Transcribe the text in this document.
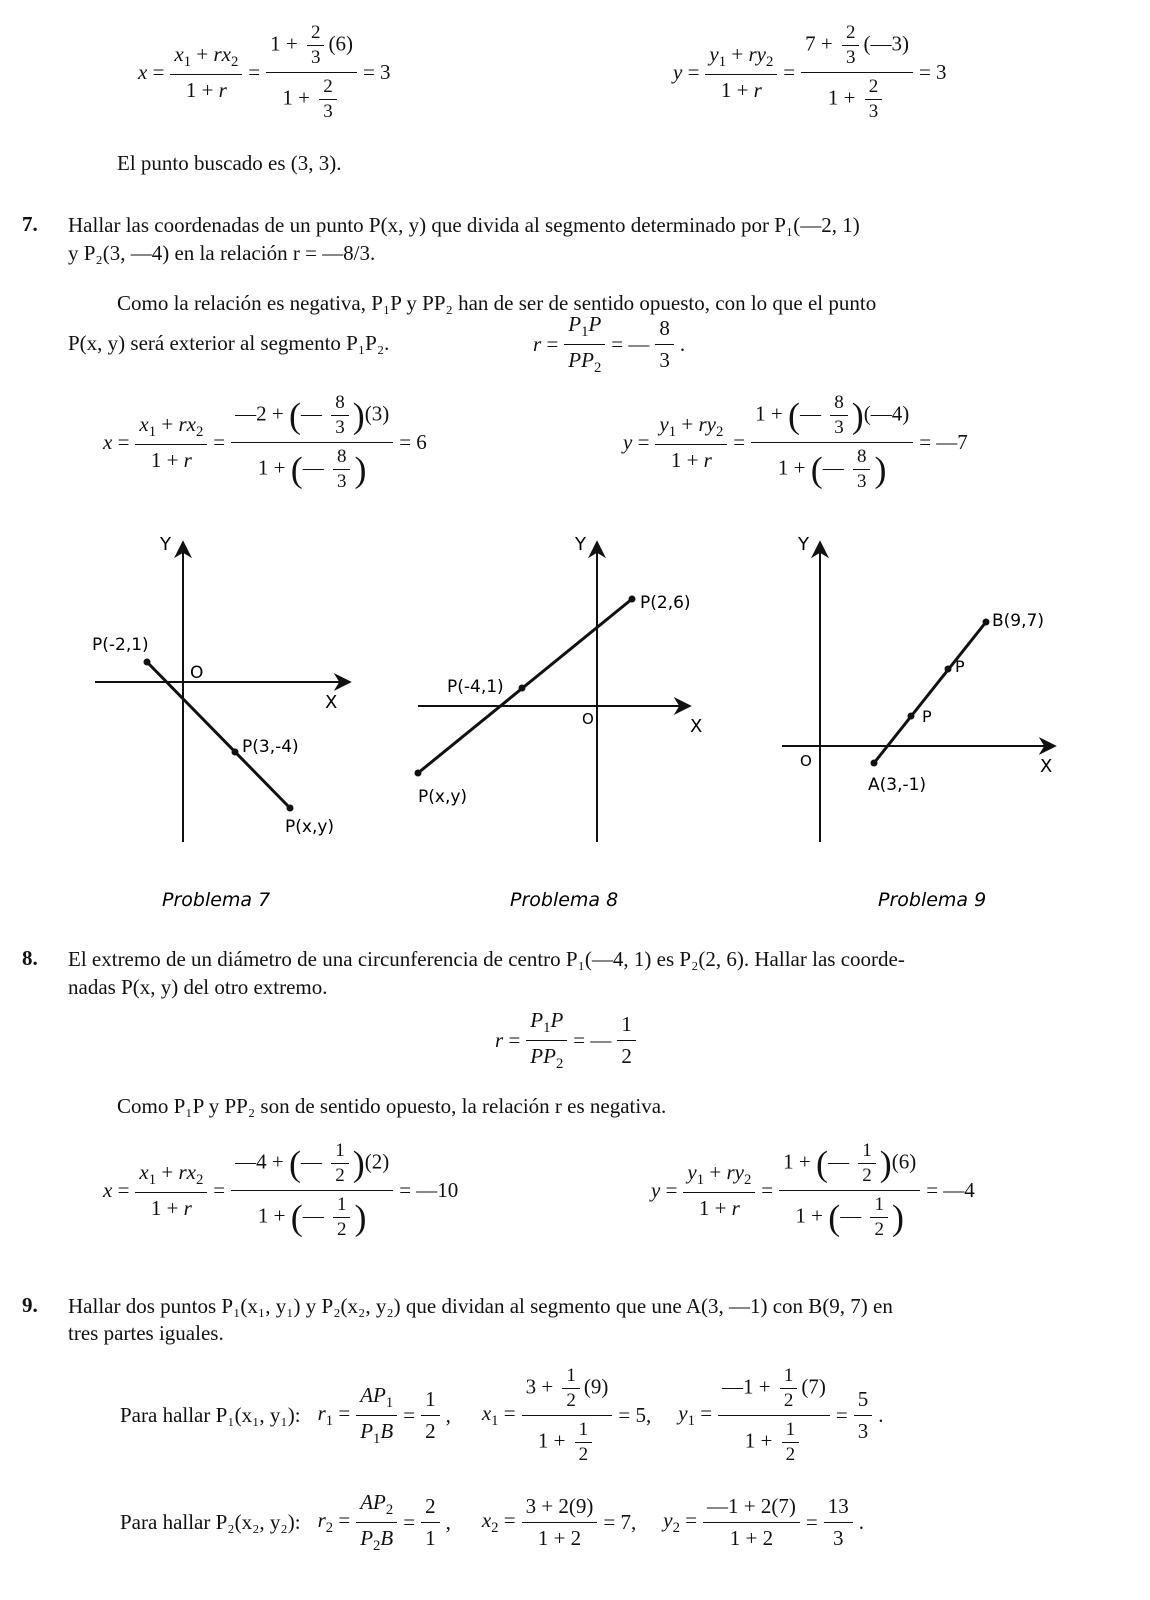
$x = \frac{x_1 + rx_2}{1 + r} = \frac{1 + \frac{2}{3} (6)}{1 + \frac{2}{3}} = 3$	$y = \frac{y_1 + ry_2}{1 + r} = \frac{7 + \frac{2}{3} (—3)}{1 + \frac{2}{3}} = 3$

El punto buscado es (3, 3).

7. Hallar las coordenadas de un punto P(x, y) que divida al segmento determinado por P₁(—2, 1)

y P₂(3, —4) en la relación r = —8/3.

Como la relación es negativa, P₁P y PP₂ han de ser de sentido opuesto, con lo que el punto

P(x, y) será exterior al segmento P₁P₂.	$r = \frac{P_1P}{PP_2}$ = — $\frac{8}{3}$ .
$x = \frac{x_1 + rx_2}{1 + r} = \frac{—2 + (— \frac{8}{3} )(3)}{1 + (— \frac{8}{3} )} = 6$	$y = \frac{y_1 + ry_2}{1 + r} = \frac{1 + (— \frac{8}{3} )(—4)}{1 + (— \frac{8}{3} )}$ = —7
Y
X
O
P(-2,1)
P(3,-4)
P(x,y)
Problema 7
Y
X
O
P(-4,1)
P(2,6)
P(x,y)
Problema 8
Y
X
O
B(9,7)
P
P
A(3,-1)
Problema 9
8. El extremo de un diámetro de una circunferencia de centro P₁(—4, 1) es P₂(2, 6). Hallar las coorde-

nadas P(x, y) del otro extremo.

$r = \frac{P_1P}{PP_2}$ = — $\frac{1}{2}$

Como P₁P y PP₂ son de sentido opuesto, la relación r es negativa.

$x = \frac{x_1 + rx_2}{1 + r} = \frac{—4 + (— \frac{1}{2} )(2)}{1 + (— \frac{1}{2} )}$ = —10	$y = \frac{y_1 + ry_2}{1 + r} = \frac{1 + (— \frac{1}{2} )(6)}{1 + (— \frac{1}{2} )}$ = —4
9. Hallar dos puntos P₁(x₁, y₁) y P₂(x₂, y₂) que dividan al segmento que une A(3, —1) con B(9, 7) en

tres partes iguales.

Para hallar P₁(x₁, y₁): $r_1 = \frac{AP_1}{P_1B} = \frac{1}{2}$ , $x_1 = \frac{3 + \frac{1}{2} (9)}{1 + \frac{1}{2}} = 5$, $y_1 = \frac{—1 + \frac{1}{2} (7)}{1 + \frac{1}{2}} = \frac{5}{3}$ .
Para hallar P₂(x₂, y₂): $r_2 = \frac{AP_2}{P_2B} = \frac{2}{1}$ , $x_2 = \frac{3 + 2(9)}{1 + 2} = 7$, $y_2 = \frac{—1 + 2(7)}{1 + 2} = \frac{13}{3}$ .
